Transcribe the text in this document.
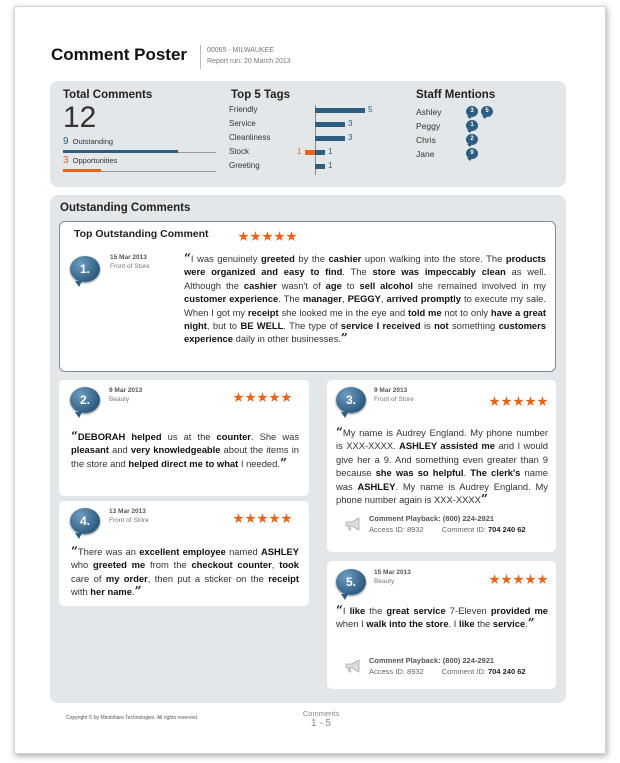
Comment Poster	00065 - MILWAUKEE
Report run: 20 March 2013
Total Comments
12
9 Outstanding
3 Opportunities
Top 5 Tags
Friendly	5
Service	3
Cleanliness	3
Stock	1
1
Greeting	1
Staff Mentions
Ashley	3	5
Peggy	1
Chris	2
Jane	9
Outstanding Comments
Top Outstanding Comment
1.
15 Mar 2013
Front of Store
“I was genuinely greeted by the cashier upon walking into the store. The products were organized and easy to find. The store was impeccably clean as well. Although the cashier wasn't of age to sell alcohol she remained involved in my customer experience. The manager, PEGGY, arrived promptly to execute my sale. When I got my receipt she looked me in the eye and told me not to only have a great night, but to BE WELL. The type of service I received is not something customers experience daily in other businesses.”
2.
9 Mar 2013
Beauty
“DEBORAH helped us at the counter. She was pleasant and very knowledgeable about the items in the store and helped direct me to what I needed.”
4.
13 Mar 2013
Front of Store
“There was an excellent employee named ASHLEY who greeted me from the checkout counter, took care of my order, then put a sticker on the receipt with her name.”
3.
9 Mar 2013
Front of Store
“My name is Audrey England. My phone number is XXX-XXXX. ASHLEY assisted me and I would give her a 9. And something even greater than 9 because she was so helpful. The clerk's name was ASHLEY. My name is Audrey England. My phone number again is XXX-XXXX”
Comment Playback: (800) 224-2921
Access ID: 8932 Comment ID: 704 240 62
5.
15 Mar 2013
Beauty
“I like the great service 7-Eleven provided me when I walk into the store. I like the service.”
Comment Playback: (800) 224-2921
Access ID: 8932 Comment ID: 704 240 62
Copyright © by Mindshare Technologies. All rights reserved.	Comments
1 - 5
